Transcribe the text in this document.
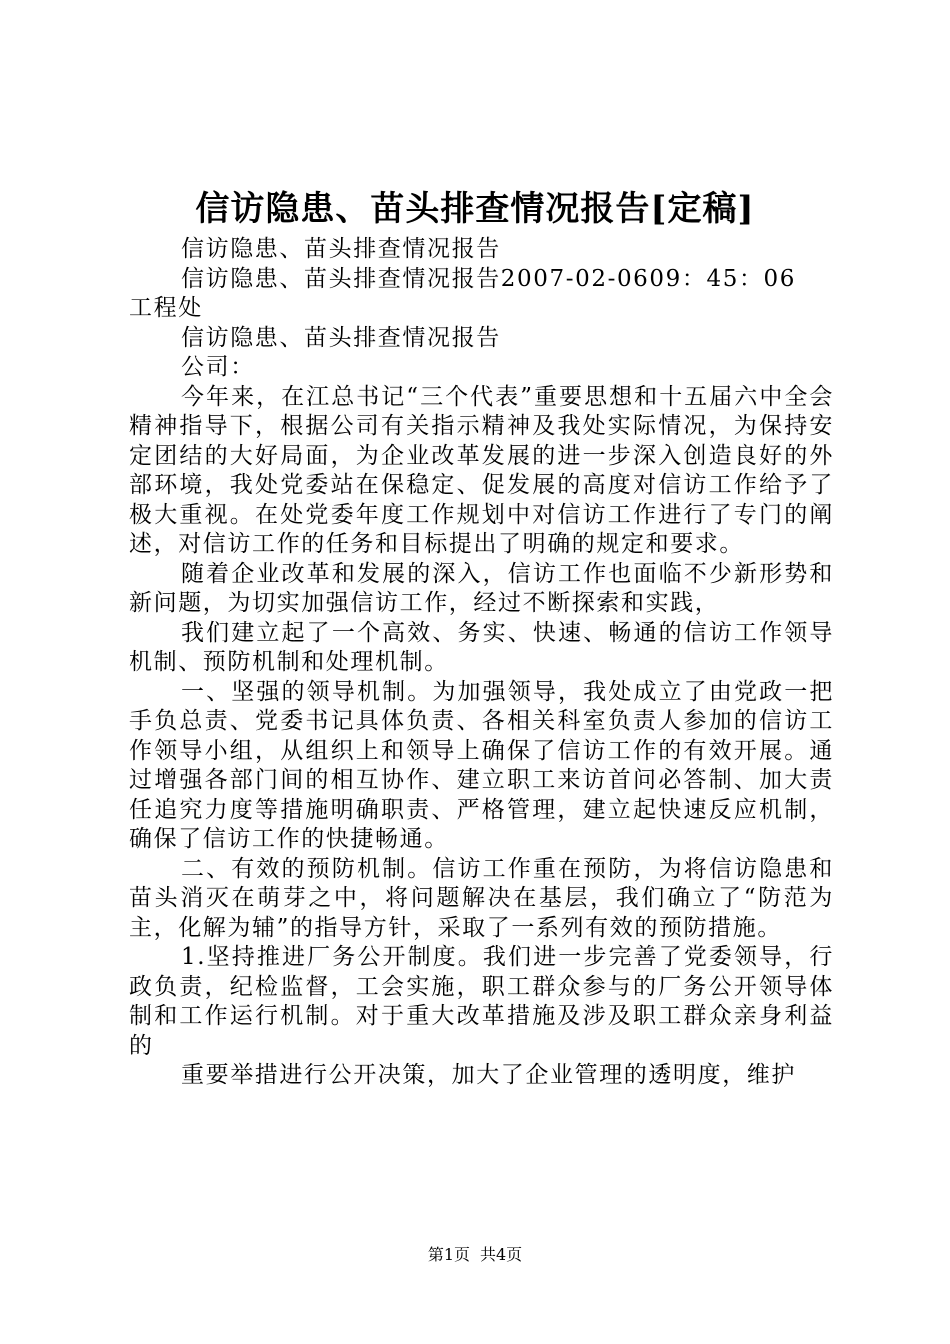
信访隐患、苗头排查情况报告[定稿]

信访隐患、苗头排查情况报告

信访隐患、苗头排查情况报告2007-02-0609：45：06

工程处

信访隐患、苗头排查情况报告

公司：

今年来，在江总书记“三个代表”重要思想和十五届六中全会精神指导下，根据公司有关指示精神及我处实际情况，为保持安定团结的大好局面，为企业改革发展的进一步深入创造良好的外部环境，我处党委站在保稳定、促发展的高度对信访工作给予了极大重视。在处党委年度工作规划中对信访工作进行了专门的阐述，对信访工作的任务和目标提出了明确的规定和要求。

随着企业改革和发展的深入，信访工作也面临不少新形势和新问题，为切实加强信访工作，经过不断探索和实践，

我们建立起了一个高效、务实、快速、畅通的信访工作领导机制、预防机制和处理机制。

一、坚强的领导机制。为加强领导，我处成立了由党政一把手负总责、党委书记具体负责、各相关科室负责人参加的信访工作领导小组，从组织上和领导上确保了信访工作的有效开展。通过增强各部门间的相互协作、建立职工来访首问必答制、加大责任追究力度等措施明确职责、严格管理，建立起快速反应机制，确保了信访工作的快捷畅通。

二、有效的预防机制。信访工作重在预防，为将信访隐患和苗头消灭在萌芽之中，将问题解决在基层，我们确立了“防范为主，化解为辅”的指导方针，采取了一系列有效的预防措施。

1.坚持推进厂务公开制度。我们进一步完善了党委领导，行政负责，纪检监督，工会实施，职工群众参与的厂务公开领导体制和工作运行机制。对于重大改革措施及涉及职工群众亲身利益的

重要举措进行公开决策，加大了企业管理的透明度，维护

第1页 共4页
